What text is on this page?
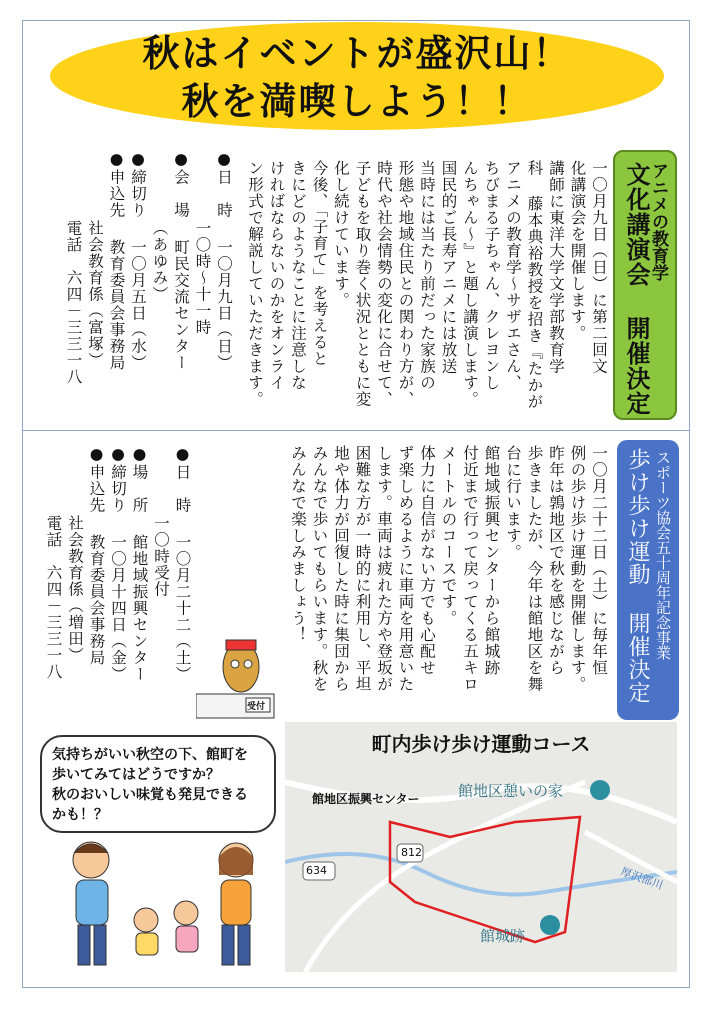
秋はイベントが盛沢山！
秋を満喫しよう！！
アニメの教育学
文化講演会 開催決定
一〇月九日（日）に第二回文
化講演会を開催します。
講師に東洋大学文学部教育学
科 藤本典裕教授を招き『たかが
アニメの教育学～サザエさん、
ちびまる子ちゃん、クレヨンし
んちゃん～』と題し講演します。
国民的ご長寿アニメには放送
当時には当たり前だった家族の
形態や地域住民との関わり方が、
時代や社会情勢の変化に合せて、
子どもを取り巻く状況とともに変
化し続けています。
今後、「子育て」を考えると
きにどのようなことに注意しな
ければならないのかをオンライ
ン形式で解説していただきます。
●日　時一〇月九日（日）
一〇時～十一時
●会　場町民交流センター
（あゆみ）
●締切り一〇月五日（水）
●申込先教育委員会事務局
社会教育係（富塚）
電話　六四－三三一八
スポーツ協会五十周年記念事業
歩け歩け運動 開催決定
一〇月二十二日（土）に毎年恒
例の歩け歩け運動を開催します。
昨年は鶉地区で秋を感じながら
歩きましたが、今年は館地区を舞
台に行います。
館地域振興センターから館城跡
付近まで行って戻ってくる五キロ
メートルのコースです。
体力に自信がない方でも心配せ
ず楽しめるように車両を用意いた
します。車両は疲れた方や登坂が
困難な方が一時的に利用し、平坦
地や体力が回復した時に集団から
みんなで歩いてもらいます。秋を
みんなで楽しみましょう！
●日　時一〇月二十二（土）
一〇時受付
●場　所館地域振興センター
●締切り一〇月十四日（金）
●申込先教育委員会事務局
社会教育係（増田）
電話　六四－三三一八
受付
気持ちがいい秋空の下、館町を
歩いてみてはどうですか？
秋のおいしい味覚も発見できる
かも！？
町内歩け歩け運動コース
館地区振興センター	館地区憩いの家
館城跡
厚沢部川
634
812
